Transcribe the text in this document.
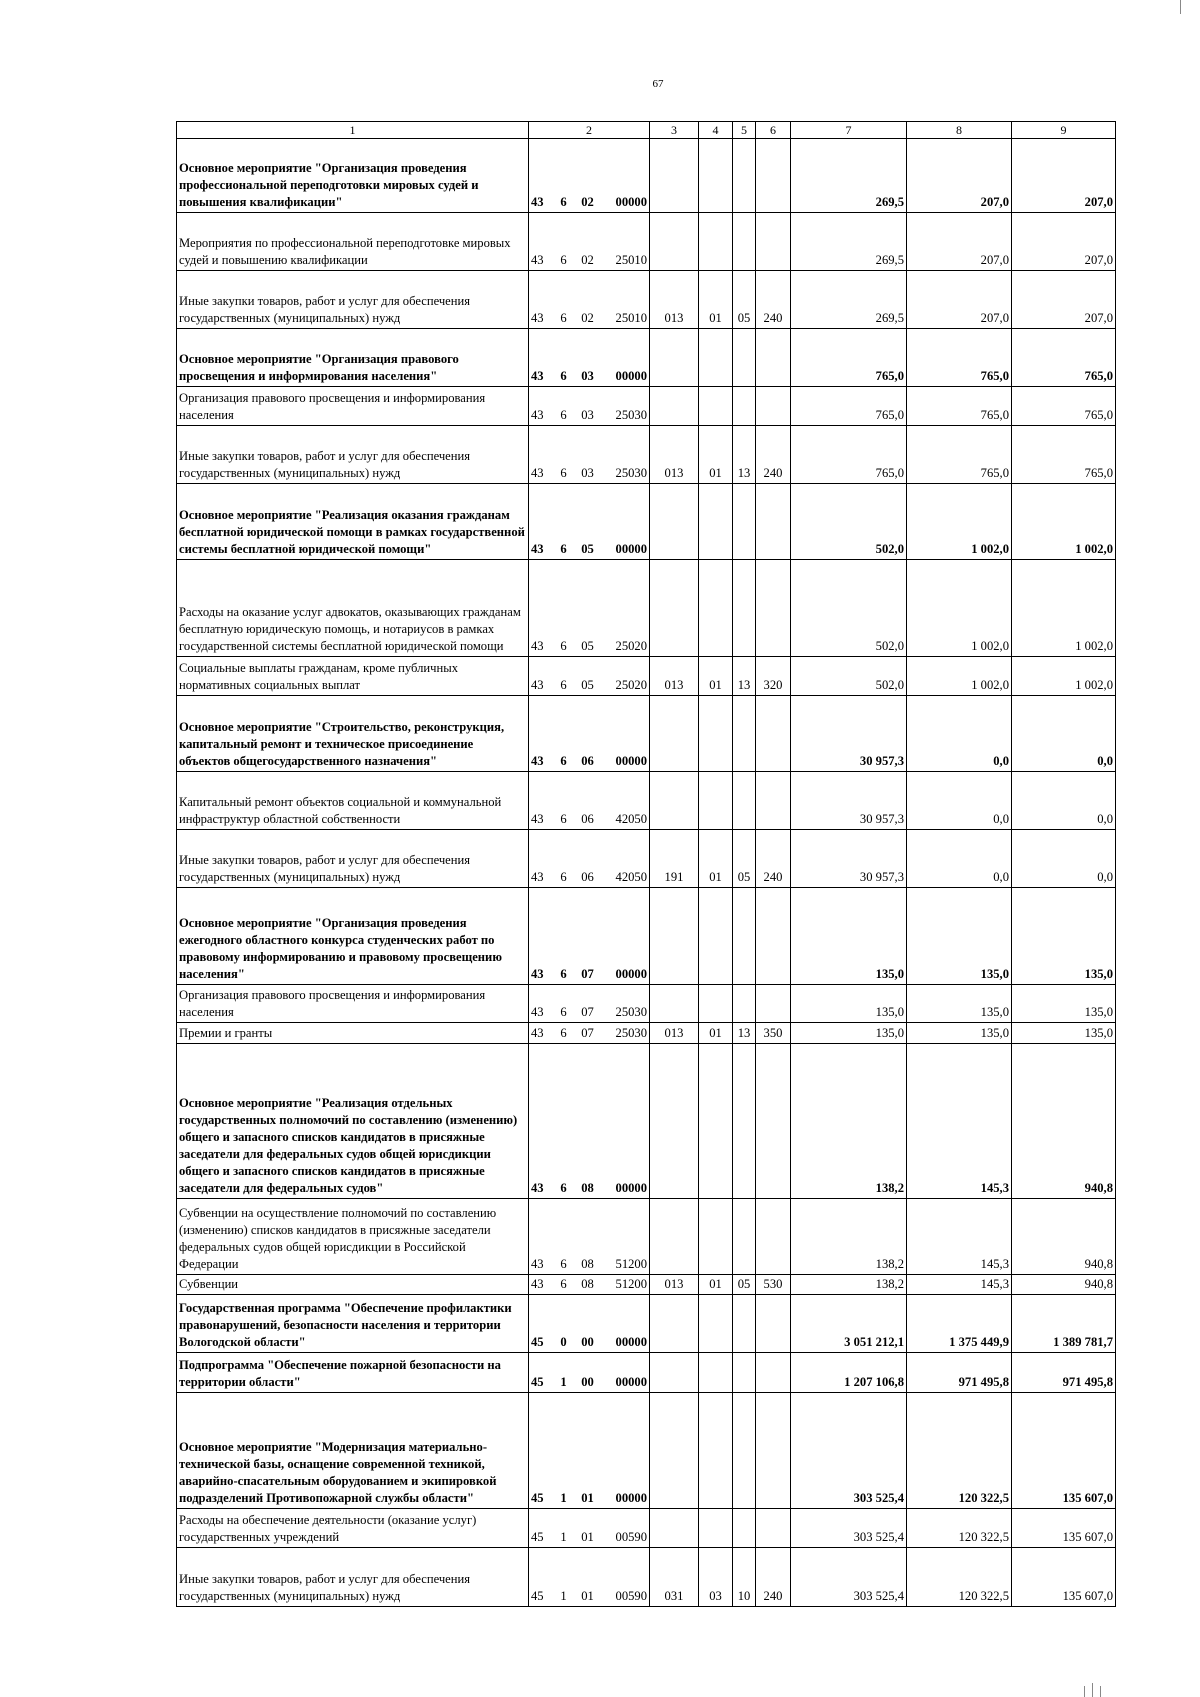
67
1	2				3	4	5	6	7	8	9
Основное мероприятие "Организация проведения профессиональной переподготовки мировых судей и повышения квалификации"	43	6	02	00000					269,5	207,0	207,0
Мероприятия по профессиональной переподготовке мировых судей и повышению квалификации	43	6	02	25010					269,5	207,0	207,0
Иные закупки товаров, работ и услуг для обеспечения государственных (муниципальных) нужд	43	6	02	25010	013	01	05	240	269,5	207,0	207,0
Основное мероприятие "Организация правового просвещения и информирования населения"	43	6	03	00000					765,0	765,0	765,0
Организация правового просвещения и информирования населения	43	6	03	25030					765,0	765,0	765,0
Иные закупки товаров, работ и услуг для обеспечения государственных (муниципальных) нужд	43	6	03	25030	013	01	13	240	765,0	765,0	765,0
Основное мероприятие "Реализация оказания гражданам бесплатной юридической помощи в рамках государственной системы бесплатной юридической помощи"	43	6	05	00000					502,0	1 002,0	1 002,0
Расходы на оказание услуг адвокатов, оказывающих гражданам бесплатную юридическую помощь, и нотариусов в рамках государственной системы бесплатной юридической помощи	43	6	05	25020					502,0	1 002,0	1 002,0
Социальные выплаты гражданам, кроме публичных нормативных социальных выплат	43	6	05	25020	013	01	13	320	502,0	1 002,0	1 002,0
Основное мероприятие "Строительство, реконструкция, капитальный ремонт и техническое присоединение объектов общегосударственного назначения"	43	6	06	00000					30 957,3	0,0	0,0
Капитальный ремонт объектов социальной и коммунальной инфраструктур областной собственности	43	6	06	42050					30 957,3	0,0	0,0
Иные закупки товаров, работ и услуг для обеспечения государственных (муниципальных) нужд	43	6	06	42050	191	01	05	240	30 957,3	0,0	0,0
Основное мероприятие "Организация проведения ежегодного областного конкурса студенческих работ по правовому информированию и правовому просвещению населения"	43	6	07	00000					135,0	135,0	135,0
Организация правового просвещения и информирования населения	43	6	07	25030					135,0	135,0	135,0
Премии и гранты	43	6	07	25030	013	01	13	350	135,0	135,0	135,0
Основное мероприятие "Реализация отдельных государственных полномочий по составлению (изменению) общего и запасного списков кандидатов в присяжные заседатели для федеральных судов общей юрисдикции общего и запасного списков кандидатов в присяжные заседатели для федеральных судов"	43	6	08	00000					138,2	145,3	940,8
Субвенции на осуществление полномочий по составлению (изменению) списков кандидатов в присяжные заседатели федеральных судов общей юрисдикции в Российской Федерации	43	6	08	51200					138,2	145,3	940,8
Субвенции	43	6	08	51200	013	01	05	530	138,2	145,3	940,8
Государственная программа "Обеспечение профилактики правонарушений, безопасности населения и территории Вологодской области"	45	0	00	00000					3 051 212,1	1 375 449,9	1 389 781,7
Подпрограмма "Обеспечение пожарной безопасности на территории области"	45	1	00	00000					1 207 106,8	971 495,8	971 495,8
Основное мероприятие "Модернизация материально-технической базы, оснащение современной техникой, аварийно-спасательным оборудованием и экипировкой подразделений Противопожарной службы области"	45	1	01	00000					303 525,4	120 322,5	135 607,0
Расходы на обеспечение деятельности (оказание услуг) государственных учреждений	45	1	01	00590					303 525,4	120 322,5	135 607,0
Иные закупки товаров, работ и услуг для обеспечения государственных (муниципальных) нужд	45	1	01	00590	031	03	10	240	303 525,4	120 322,5	135 607,0
